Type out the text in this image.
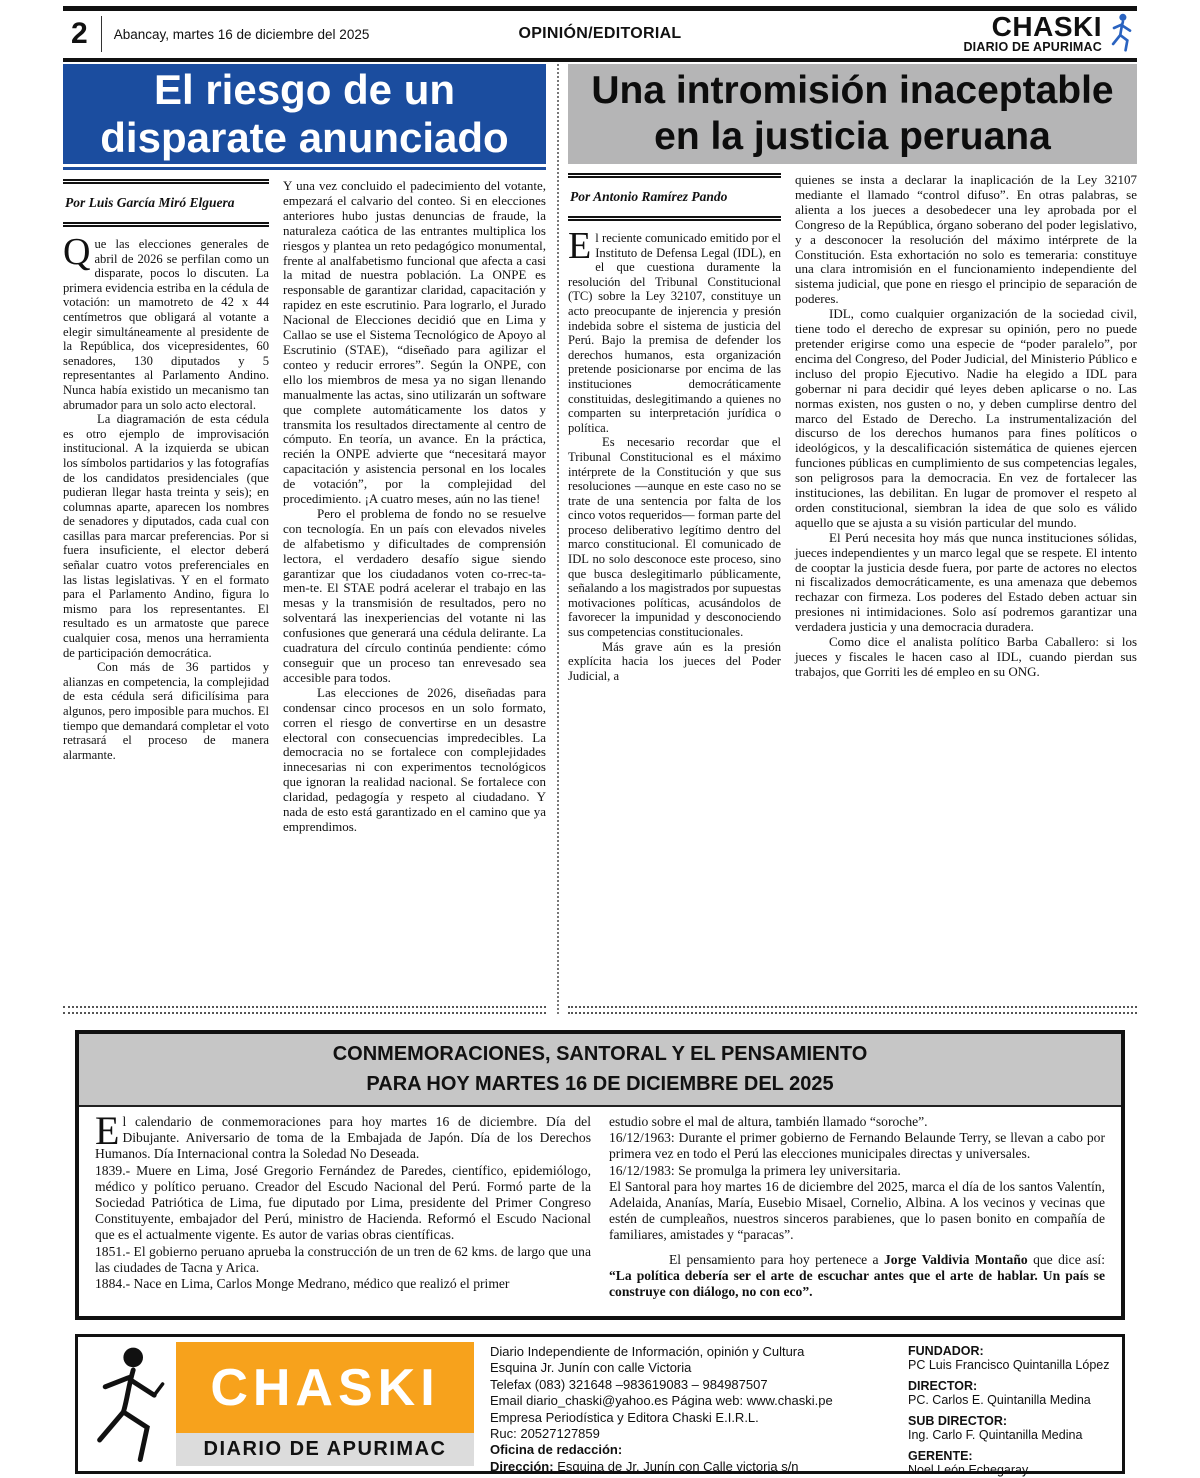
2	Abancay, martes 16 de diciembre del 2025	OPINIÓN/EDITORIAL	CHASKI
DIARIO DE APURIMAC
El riesgo de un
disparate anunciado
Por Luis García Miró Elguera

Que las elecciones generales de abril de 2026 se perfilan como un disparate, pocos lo discuten. La primera evidencia estriba en la cédula de votación: un mamotreto de 42 x 44 centímetros que obligará al votante a elegir simultáneamente al presidente de la República, dos vicepresidentes, 60 senadores, 130 diputados y 5 representantes al Parlamento Andino. Nunca había existido un mecanismo tan abrumador para un solo acto electoral.

La diagramación de esta cédula es otro ejemplo de improvisación institucional. A la izquierda se ubican los símbolos partidarios y las fotografías de los candidatos presidenciales (que pudieran llegar hasta treinta y seis); en columnas aparte, aparecen los nombres de senadores y diputados, cada cual con casillas para marcar preferencias. Por si fuera insuficiente, el elector deberá señalar cuatro votos preferenciales en las listas legislativas. Y en el formato para el Parlamento Andino, figura lo mismo para los representantes. El resultado es un armatoste que parece cualquier cosa, menos una herramienta de participación democrática.

Con más de 36 partidos y alianzas en competencia, la complejidad de esta cédula será dificilísima para algunos, pero imposible para muchos. El tiempo que demandará completar el voto retrasará el proceso de manera alarmante.

Y una vez concluido el padecimiento del votante, empezará el calvario del conteo. Si en elecciones anteriores hubo justas denuncias de fraude, la naturaleza caótica de las entrantes multiplica los riesgos y plantea un reto pedagógico monumental, frente al analfabetismo funcional que afecta a casi la mitad de nuestra población. La ONPE es responsable de garantizar claridad, capacitación y rapidez en este escrutinio. Para lograrlo, el Jurado Nacional de Elecciones decidió que en Lima y Callao se use el Sistema Tecnológico de Apoyo al Escrutinio (STAE), “diseñado para agilizar el conteo y reducir errores”. Según la ONPE, con ello los miembros de mesa ya no sigan llenando manualmente las actas, sino utilizarán un software que complete automáticamente los datos y transmita los resultados directamente al centro de cómputo. En teoría, un avance. En la práctica, recién la ONPE advierte que “necesitará mayor capacitación y asistencia personal en los locales de votación”, por la complejidad del procedimiento. ¡A cuatro meses, aún no las tiene!

Pero el problema de fondo no se resuelve con tecnología. En un país con elevados niveles de alfabetismo y dificultades de comprensión lectora, el verdadero desafío sigue siendo garantizar que los ciudadanos voten co-rrec-ta-men-te. El STAE podrá acelerar el trabajo en las mesas y la transmisión de resultados, pero no solventará las inexperiencias del votante ni las confusiones que generará una cédula delirante. La cuadratura del círculo continúa pendiente: cómo conseguir que un proceso tan enrevesado sea accesible para todos.

Las elecciones de 2026, diseñadas para condensar cinco procesos en un solo formato, corren el riesgo de convertirse en un desastre electoral con consecuencias impredecibles. La democracia no se fortalece con complejidades innecesarias ni con experimentos tecnológicos que ignoran la realidad nacional. Se fortalece con claridad, pedagogía y respeto al ciudadano. Y nada de esto está garantizado en el camino que ya emprendimos.

Una intromisión inaceptable
en la justicia peruana
Por Antonio Ramírez Pando

El reciente comunicado emitido por el Instituto de Defensa Legal (IDL), en el que cuestiona duramente la resolución del Tribunal Constitucional (TC) sobre la Ley 32107, constituye un acto preocupante de injerencia y presión indebida sobre el sistema de justicia del Perú. Bajo la premisa de defender los derechos humanos, esta organización pretende posicionarse por encima de las instituciones democráticamente constituidas, deslegitimando a quienes no comparten su interpretación jurídica o política.

Es necesario recordar que el Tribunal Constitucional es el máximo intérprete de la Constitución y que sus resoluciones —aunque en este caso no se trate de una sentencia por falta de los cinco votos requeridos— forman parte del proceso deliberativo legítimo dentro del marco constitucional. El comunicado de IDL no solo desconoce este proceso, sino que busca deslegitimarlo públicamente, señalando a los magistrados por supuestas motivaciones políticas, acusándolos de favorecer la impunidad y desconociendo sus competencias constitucionales.

Más grave aún es la presión explícita hacia los jueces del Poder Judicial, a

quienes se insta a declarar la inaplicación de la Ley 32107 mediante el llamado “control difuso”. En otras palabras, se alienta a los jueces a desobedecer una ley aprobada por el Congreso de la República, órgano soberano del poder legislativo, y a desconocer la resolución del máximo intérprete de la Constitución. Esta exhortación no solo es temeraria: constituye una clara intromisión en el funcionamiento independiente del sistema judicial, que pone en riesgo el principio de separación de poderes.

IDL, como cualquier organización de la sociedad civil, tiene todo el derecho de expresar su opinión, pero no puede pretender erigirse como una especie de “poder paralelo”, por encima del Congreso, del Poder Judicial, del Ministerio Público e incluso del propio Ejecutivo. Nadie ha elegido a IDL para gobernar ni para decidir qué leyes deben aplicarse o no. Las normas existen, nos gusten o no, y deben cumplirse dentro del marco del Estado de Derecho. La instrumentalización del discurso de los derechos humanos para fines políticos o ideológicos, y la descalificación sistemática de quienes ejercen funciones públicas en cumplimiento de sus competencias legales, son peligrosos para la democracia. En vez de fortalecer las instituciones, las debilitan. En lugar de promover el respeto al orden constitucional, siembran la idea de que solo es válido aquello que se ajusta a su visión particular del mundo.

El Perú necesita hoy más que nunca instituciones sólidas, jueces independientes y un marco legal que se respete. El intento de cooptar la justicia desde fuera, por parte de actores no electos ni fiscalizados democráticamente, es una amenaza que debemos rechazar con firmeza. Los poderes del Estado deben actuar sin presiones ni intimidaciones. Solo así podremos garantizar una verdadera justicia y una democracia duradera.

Como dice el analista político Barba Caballero: si los jueces y fiscales le hacen caso al IDL, cuando pierdan sus trabajos, que Gorriti les dé empleo en su ONG.

CONMEMORACIONES, SANTORAL Y EL PENSAMIENTO
PARA HOY MARTES 16 DE DICIEMBRE DEL 2025

El calendario de conmemoraciones para hoy martes 16 de diciembre. Día del Dibujante. Aniversario de toma de la Embajada de Japón. Día de los Derechos Humanos. Día Internacional contra la Soledad No Deseada.

1839.- Muere en Lima, José Gregorio Fernández de Paredes, científico, epidemiólogo, médico y político peruano. Creador del Escudo Nacional del Perú. Formó parte de la Sociedad Patriótica de Lima, fue diputado por Lima, presidente del Primer Congreso Constituyente, embajador del Perú, ministro de Hacienda. Reformó el Escudo Nacional que es el actualmente vigente. Es autor de varias obras científicas.

1851.- El gobierno peruano aprueba la construcción de un tren de 62 kms. de largo que una las ciudades de Tacna y Arica.

1884.- Nace en Lima, Carlos Monge Medrano, médico que realizó el primer

estudio sobre el mal de altura, también llamado “soroche”.

16/12/1963: Durante el primer gobierno de Fernando Belaunde Terry, se llevan a cabo por primera vez en todo el Perú las elecciones municipales directas y universales.

16/12/1983: Se promulga la primera ley universitaria.

El Santoral para hoy martes 16 de diciembre del 2025, marca el día de los santos Valentín, Adelaida, Ananías, María, Eusebio Misael, Cornelio, Albina. A los vecinos y vecinas que estén de cumpleaños, nuestros sinceros parabienes, que lo pasen bonito en compañía de familiares, amistades y “paracas”.

El pensamiento para hoy pertenece a Jorge Valdivia Montaño que dice así: “La política debería ser el arte de escuchar antes que el arte de hablar. Un país se construye con diálogo, no con eco”.

CHASKI
DIARIO DE APURIMAC
Diario Independiente de Información, opinión y Cultura
Esquina Jr. Junín con calle Victoria
Telefax (083) 321648 –983619083 – 984987507
Email diario_chaski@yahoo.es Página web: www.chaski.pe
Empresa Periodística y Editora Chaski E.I.R.L.
Ruc: 20527127859
Oficina de redacción:
Dirección: Esquina de Jr. Junín con Calle victoria s/n
FUNDADOR:
PC Luis Francisco Quintanilla López
DIRECTOR:
PC. Carlos E. Quintanilla Medina
SUB DIRECTOR:
Ing. Carlo F. Quintanilla Medina
GERENTE:
Noel León Echegaray
